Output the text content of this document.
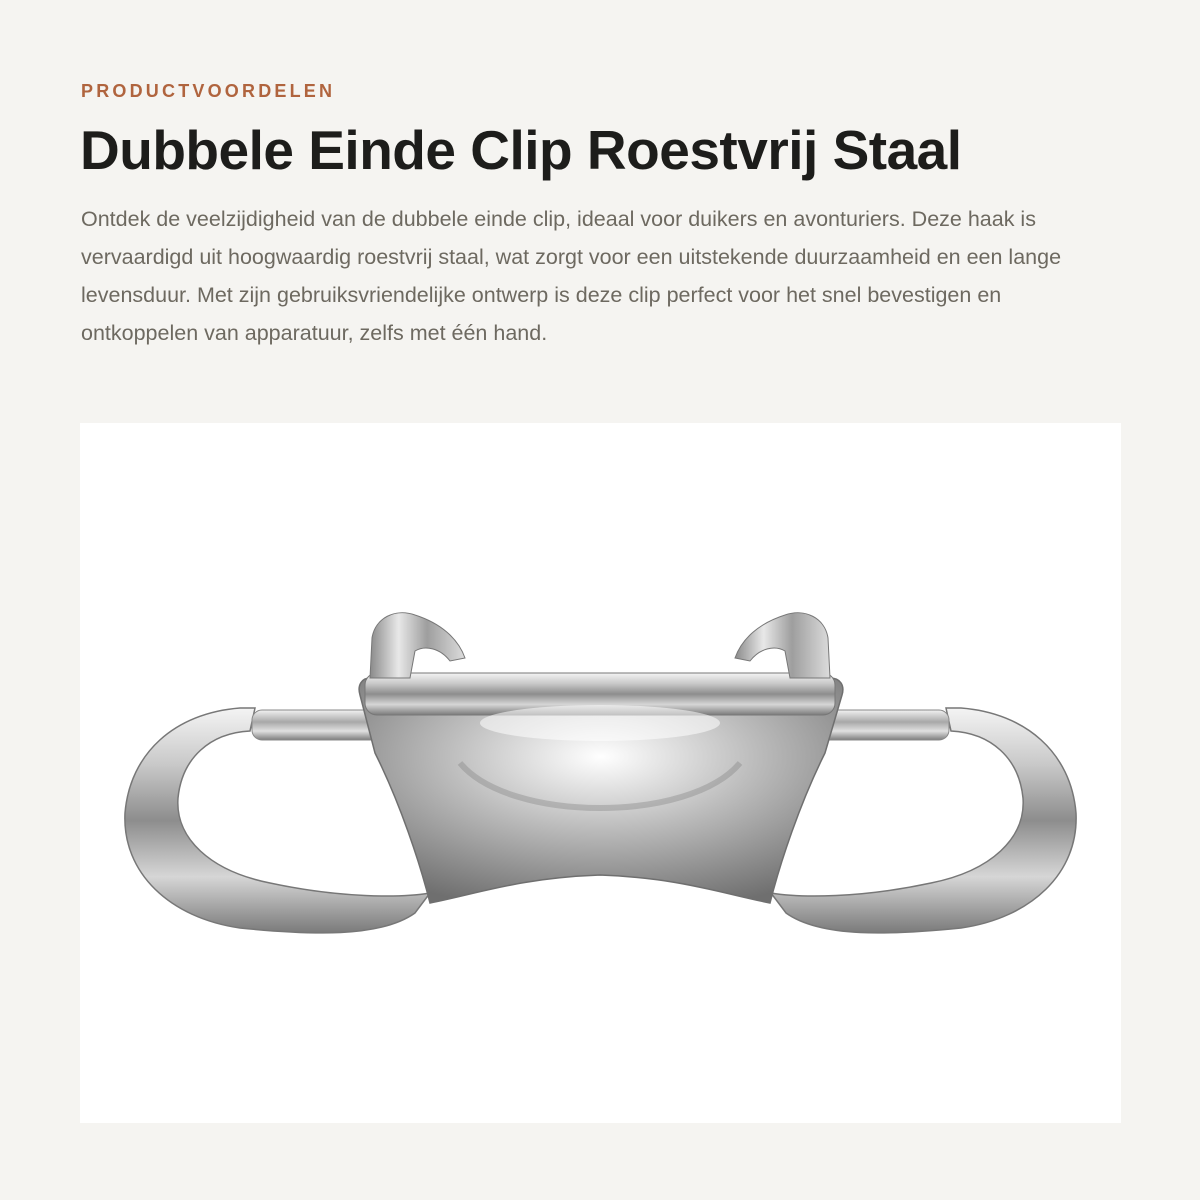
PRODUCTVOORDELEN

Dubbele Einde Clip Roestvrij Staal

Ontdek de veelzijdigheid van de dubbele einde clip, ideaal voor duikers en avonturiers. Deze haak is vervaardigd uit hoogwaardig roestvrij staal, wat zorgt voor een uitstekende duurzaamheid en een lange levensduur. Met zijn gebruiksvriendelijke ontwerp is deze clip perfect voor het snel bevestigen en ontkoppelen van apparatuur, zelfs met één hand.
